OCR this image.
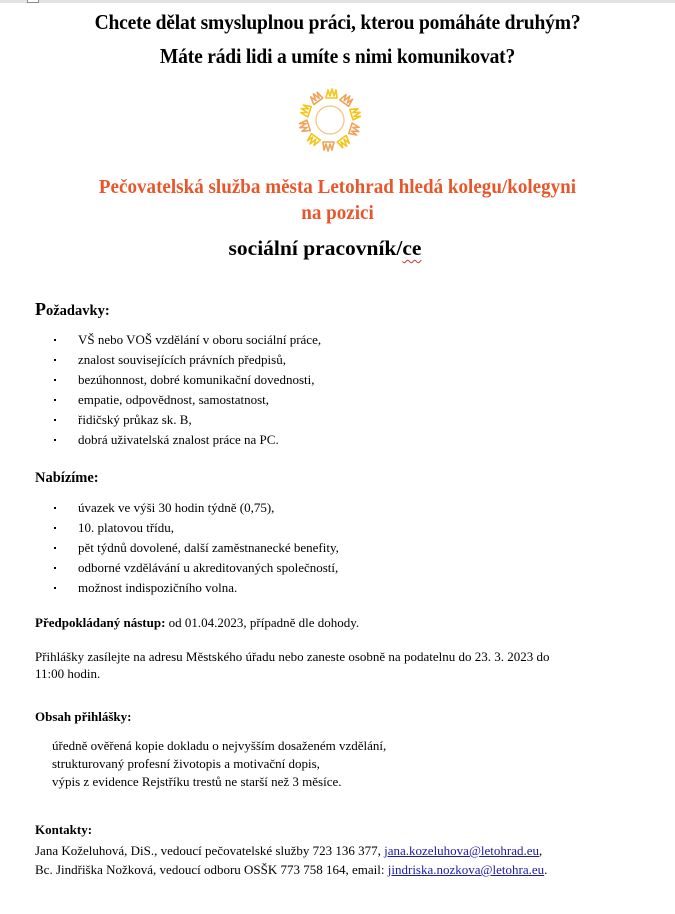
Chcete dělat smysluplnou práci, kterou pomáháte druhým?
Máte rádi lidi a umíte s nimi komunikovat?
Pečovatelská služba města Letohrad hledá kolegu/kolegyni
na pozici
sociální pracovník/ce
Požadavky:
VŠ nebo VOŠ vzdělání v oboru sociální práce,
znalost souvisejících právních předpisů,
bezúhonnost, dobré komunikační dovednosti,
empatie, odpovědnost, samostatnost,
řidičský průkaz sk. B,
dobrá uživatelská znalost práce na PC.
Nabízíme:
úvazek ve výši 30 hodin týdně (0,75),
10. platovou třídu,
pět týdnů dovolené, další zaměstnanecké benefity,
odborné vzdělávání u akreditovaných společností,
možnost indispozičního volna.
Předpokládaný nástup: od 01.04.2023, případně dle dohody.
Přihlášky zasílejte na adresu Městského úřadu nebo zaneste osobně na podatelnu do 23. 3. 2023 do
11:00 hodin.
Obsah přihlášky:
úředně ověřená kopie dokladu o nejvyšším dosaženém vzdělání,
strukturovaný profesní životopis a motivační dopis,
výpis z evidence Rejstříku trestů ne starší než 3 měsíce.
Kontakty:
Jana Koželuhová, DiS., vedoucí pečovatelské služby 723 136 377, jana.kozeluhova@letohrad.eu,
Bc. Jindřiška Nožková, vedoucí odboru OSŠK 773 758 164, email: jindriska.nozkova@letohra.eu.
